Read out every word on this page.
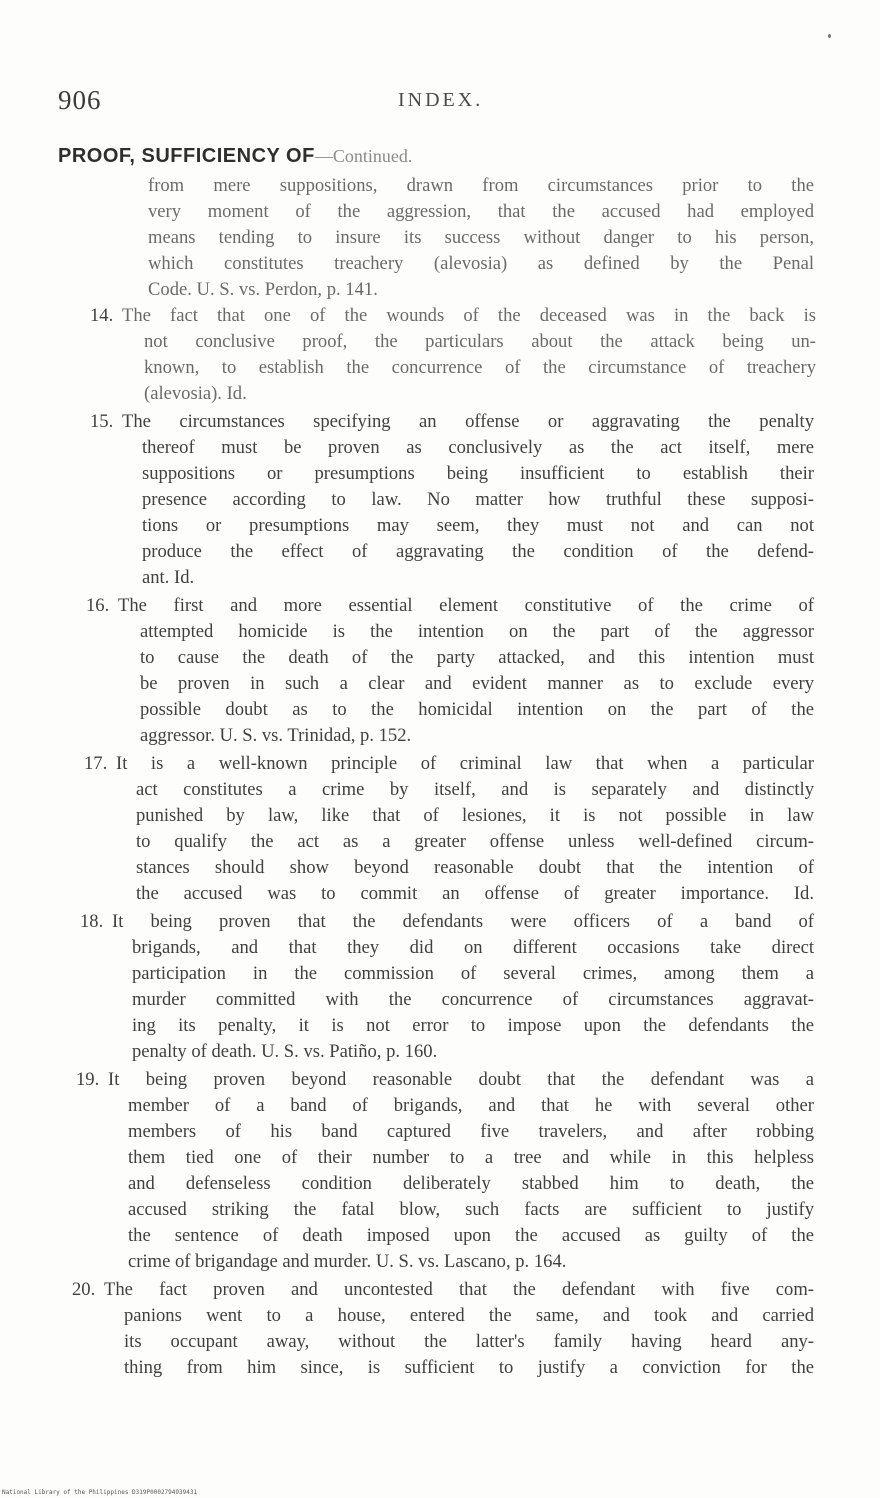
906	INDEX.
PROOF, SUFFICIENCY OF—Continued.
from mere suppositions, drawn from circumstances prior to the
very moment of the aggression, that the accused had employed
means tending to insure its success without danger to his person,
which constitutes treachery (alevosia) as defined by the Penal
Code. U. S. vs. Perdon, p. 141.
14. The fact that one of the wounds of the deceased was in the back is
not conclusive proof, the particulars about the attack being un-
known, to establish the concurrence of the circumstance of treachery
(alevosia). Id.
15. The circumstances specifying an offense or aggravating the penalty
thereof must be proven as conclusively as the act itself, mere
suppositions or presumptions being insufficient to establish their
presence according to law. No matter how truthful these supposi-
tions or presumptions may seem, they must not and can not
produce the effect of aggravating the condition of the defend-
ant. Id.
16. The first and more essential element constitutive of the crime of
attempted homicide is the intention on the part of the aggressor
to cause the death of the party attacked, and this intention must
be proven in such a clear and evident manner as to exclude every
possible doubt as to the homicidal intention on the part of the
aggressor. U. S. vs. Trinidad, p. 152.
17. It is a well-known principle of criminal law that when a particular
act constitutes a crime by itself, and is separately and distinctly
punished by law, like that of lesiones, it is not possible in law
to qualify the act as a greater offense unless well-defined circum-
stances should show beyond reasonable doubt that the intention of
the accused was to commit an offense of greater importance. Id.
18. It being proven that the defendants were officers of a band of
brigands, and that they did on different occasions take direct
participation in the commission of several crimes, among them a
murder committed with the concurrence of circumstances aggravat-
ing its penalty, it is not error to impose upon the defendants the
penalty of death. U. S. vs. Patiño, p. 160.
19. It being proven beyond reasonable doubt that the defendant was a
member of a band of brigands, and that he with several other
members of his band captured five travelers, and after robbing
them tied one of their number to a tree and while in this helpless
and defenseless condition deliberately stabbed him to death, the
accused striking the fatal blow, such facts are sufficient to justify
the sentence of death imposed upon the accused as guilty of the
crime of brigandage and murder. U. S. vs. Lascano, p. 164.
20. The fact proven and uncontested that the defendant with five com-
panions went to a house, entered the same, and took and carried
its occupant away, without the latter's family having heard any-
thing from him since, is sufficient to justify a conviction for the
National Library of the Philippines D319P0002794939431
